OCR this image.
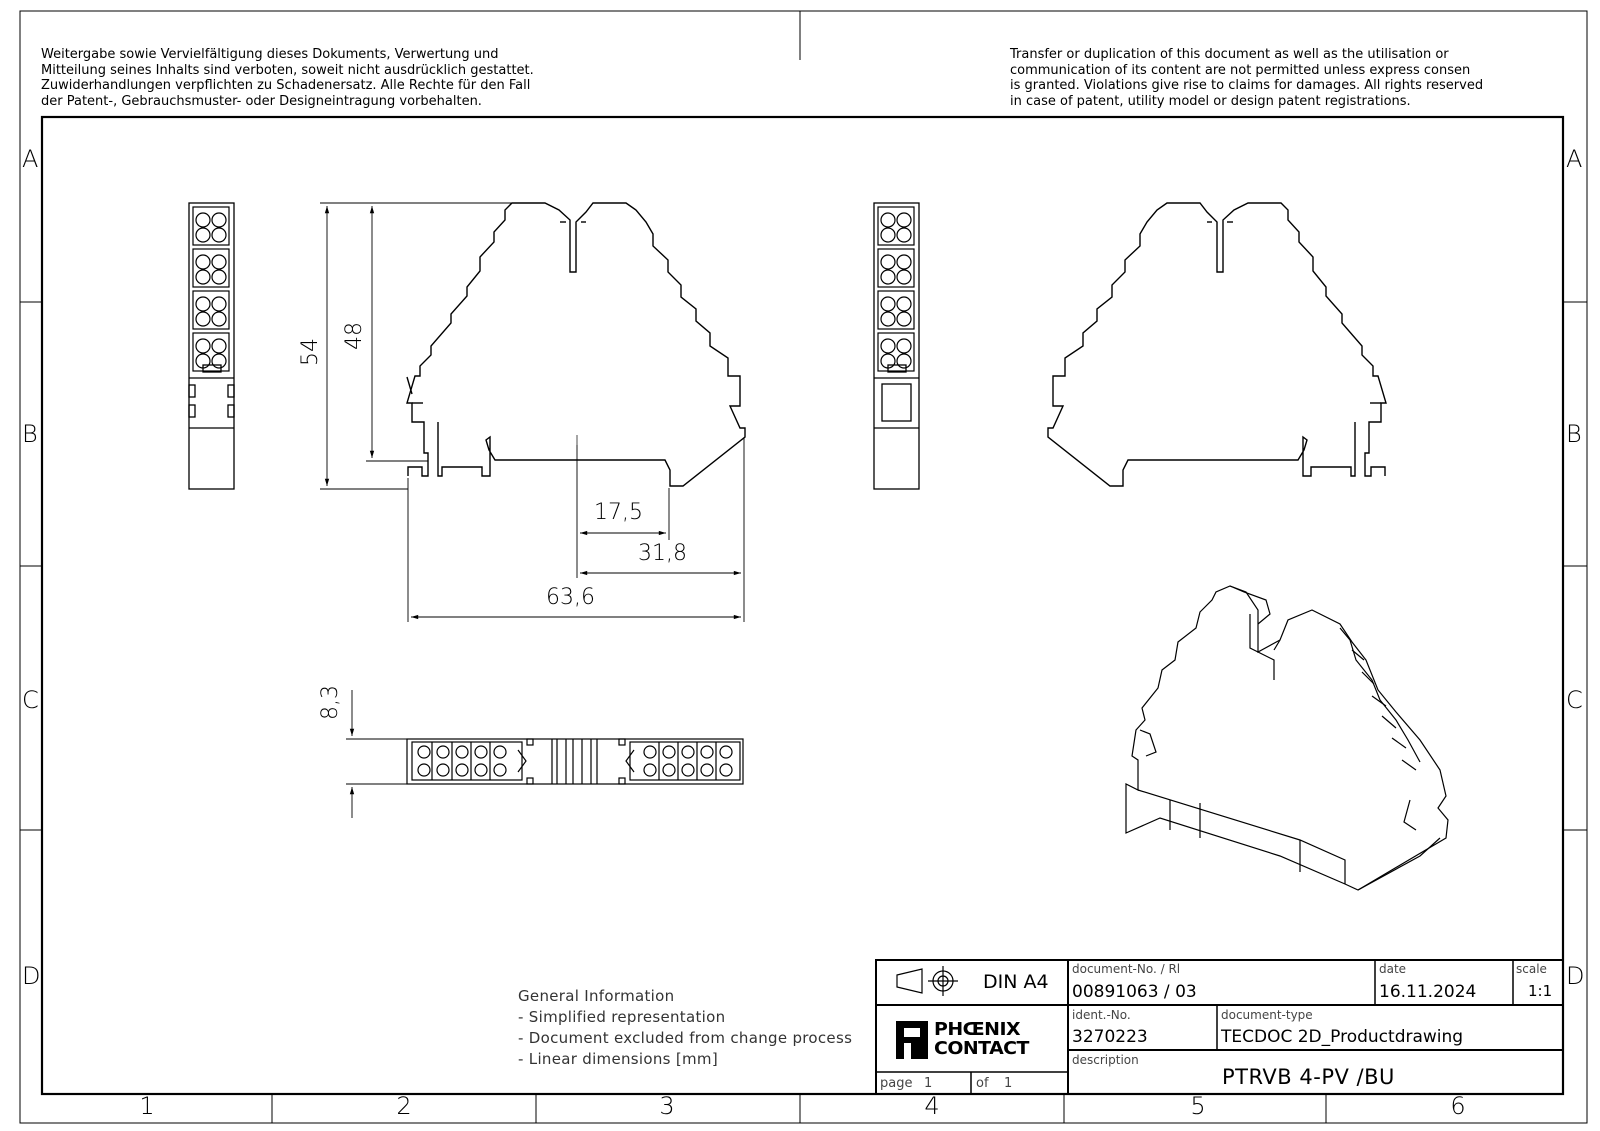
Weitergabe sowie Vervielfältigung dieses Dokuments, Verwertung und
Mitteilung seines Inhalts sind verboten, soweit nicht ausdrücklich gestattet.
Zuwiderhandlungen verpflichten zu Schadenersatz. Alle Rechte für den Fall
der Patent-, Gebrauchsmuster- oder Designeintragung vorbehalten.
Transfer or duplication of this document as well as the utilisation or
communication of its content are not permitted unless express consen
is granted. Violations give rise to claims for damages. All rights reserved
in case of patent, utility model or design patent registrations.
A
B
C
D
A
B
C
D
1	2	3	4	5	6
54
48
17,5
31,8
63,6
8,3
General Information
- Simplified representation
- Document excluded from change process
- Linear dimensions [mm]
DIN A4
document-No. / Rl
00891063 / 03
date
16.11.2024
scale
1:1
ident.-No.
3270223
document-type
TECDOC 2D_Productdrawing
description
PTRVB 4-PV /BU
page 1	of 1
PHŒNIX
CONTACT
